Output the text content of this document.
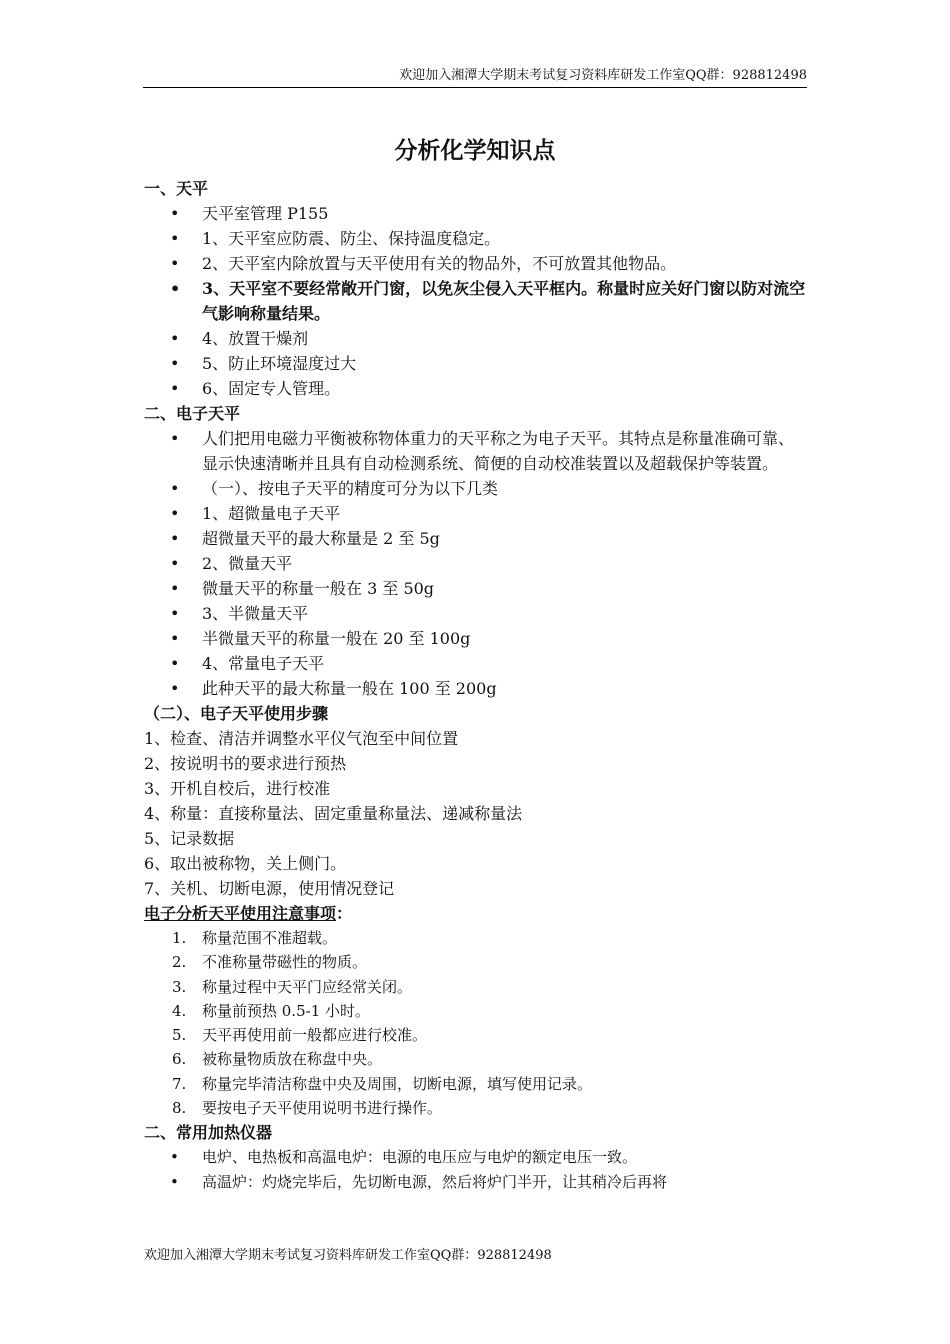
欢迎加入湘潭大学期末考试复习资料库研发工作室QQ群：928812498
分析化学知识点
一、天平
•	天平室管理 P155
•	1、天平室应防震、防尘、保持温度稳定。
•	2、天平室内除放置与天平使用有关的物品外，不可放置其他物品。
•	3、天平室不要经常敞开门窗，以免灰尘侵入天平框内。称量时应关好门窗以防对流空气影响称量结果。
•	4、放置干燥剂
•	5、防止环境湿度过大
•	6、固定专人管理。
二、电子天平
•	人们把用电磁力平衡被称物体重力的天平称之为电子天平。其特点是称量准确可靠、显示快速清晰并且具有自动检测系统、简便的自动校准装置以及超载保护等装置。
•	（一）、按电子天平的精度可分为以下几类
•	1、超微量电子天平
•	超微量天平的最大称量是 2 至 5g
•	2、微量天平
•	微量天平的称量一般在 3 至 50g
•	3、半微量天平
•	半微量天平的称量一般在 20 至 100g
•	4、常量电子天平
•	此种天平的最大称量一般在 100 至 200g
（二）、电子天平使用步骤
1、检查、清洁并调整水平仪气泡至中间位置
2、按说明书的要求进行预热
3、开机自校后，进行校准
4、称量：直接称量法、固定重量称量法、递减称量法
5、记录数据
6、取出被称物，关上侧门。
7、关机、切断电源，使用情况登记
电子分析天平使用注意事项：
1.	称量范围不准超载。
2.	不准称量带磁性的物质。
3.	称量过程中天平门应经常关闭。
4.	称量前预热 0.5-1 小时。
5.	天平再使用前一般都应进行校准。
6.	被称量物质放在称盘中央。
7.	称量完毕清洁称盘中央及周围，切断电源，填写使用记录。
8.	要按电子天平使用说明书进行操作。
二、常用加热仪器
•	电炉、电热板和高温电炉：电源的电压应与电炉的额定电压一致。
•	高温炉：灼烧完毕后，先切断电源，然后将炉门半开，让其稍冷后再将
欢迎加入湘潭大学期末考试复习资料库研发工作室QQ群：928812498
